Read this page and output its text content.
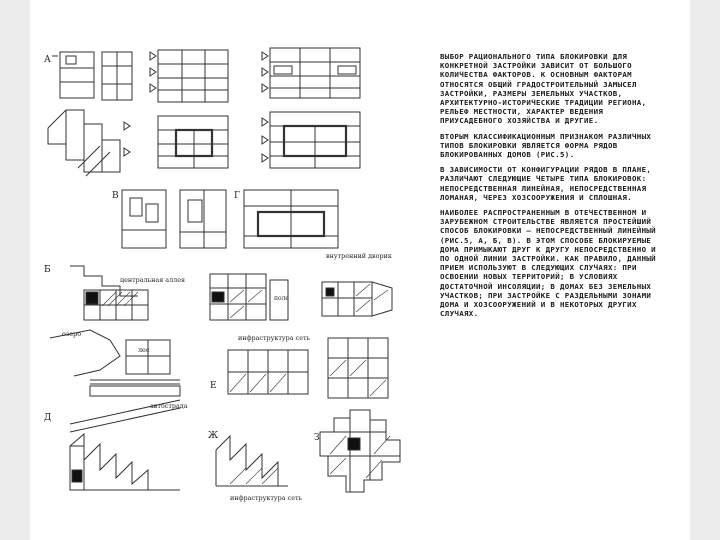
А
В	Г
Б
центральная аллея
поле
внутренний дворик
озеро
лес
инфраструктура сеть
Е
Д
автострада
Ж
инфраструктура сеть
З

ВЫБОР РАЦИОНАЛЬНОГО ТИПА БЛОКИРОВКИ ДЛЯ КОНКРЕТНОЙ ЗАСТРОЙКИ ЗАВИСИТ ОТ БОЛЬШОГО КОЛИЧЕСТВА ФАКТОРОВ. К ОСНОВНЫМ ФАКТОРАМ ОТНОСЯТСЯ ОБЩИЙ ГРАДОСТРОИТЕЛЬНЫЙ ЗАМЫСЕЛ ЗАСТРОЙКИ, РАЗМЕРЫ ЗЕМЕЛЬНЫХ УЧАСТКОВ, АРХИТЕКТУРНО-ИСТОРИЧЕСКИЕ ТРАДИЦИИ РЕГИОНА, РЕЛЬЕФ МЕСТНОСТИ, ХАРАКТЕР ВЕДЕНИЯ ПРИУСАДЕБНОГО ХОЗЯЙСТВА И ДРУГИЕ.

ВТОРЫМ КЛАССИФИКАЦИОННЫМ ПРИЗНАКОМ РАЗЛИЧНЫХ ТИПОВ БЛОКИРОВКИ ЯВЛЯЕТСЯ ФОРМА РЯДОВ БЛОКИРОВАННЫХ ДОМОВ (РИС.5).

В ЗАВИСИМОСТИ ОТ КОНФИГУРАЦИИ РЯДОВ В ПЛАНЕ, РАЗЛИЧАЮТ СЛЕДУЮЩИЕ ЧЕТЫРЕ ТИПА БЛОКИРОВОК: НЕПОСРЕДСТВЕННАЯ ЛИНЕЙНАЯ, НЕПОСРЕДСТВЕННАЯ ЛОМАНАЯ, ЧЕРЕЗ ХОЗСООРУЖЕНИЯ И СПЛОШНАЯ.

НАИБОЛЕЕ РАСПРОСТРАНЕННЫМ В ОТЕЧЕСТВЕННОМ И ЗАРУБЕЖНОМ СТРОИТЕЛЬСТВЕ ЯВЛЯЕТСЯ ПРОСТЕЙШИЙ СПОСОБ БЛОКИРОВКИ — НЕПОСРЕДСТВЕННЫЙ ЛИНЕЙНЫЙ (РИС.5, А, Б, В). В ЭТОМ СПОСОБЕ БЛОКИРУЕМЫЕ ДОМА ПРИМЫКАЮТ ДРУГ К ДРУГУ НЕПОСРЕДСТВЕННО И ПО ОДНОЙ ЛИНИИ ЗАСТРОЙКИ. КАК ПРАВИЛО, ДАННЫЙ ПРИЕМ ИСПОЛЬЗУЮТ В СЛЕДУЮЩИХ СЛУЧАЯХ: ПРИ ОСВОЕНИИ НОВЫХ ТЕРРИТОРИЙ; В УСЛОВИЯХ ДОСТАТОЧНОЙ ИНСОЛЯЦИИ; В ДОМАХ БЕЗ ЗЕМЕЛЬНЫХ УЧАСТКОВ; ПРИ ЗАСТРОЙКЕ С РАЗДЕЛЬНЫМИ ЗОНАМИ ДОМА И ХОЗСООРУЖЕНИЙ И В НЕКОТОРЫХ ДРУГИХ СЛУЧАЯХ.
